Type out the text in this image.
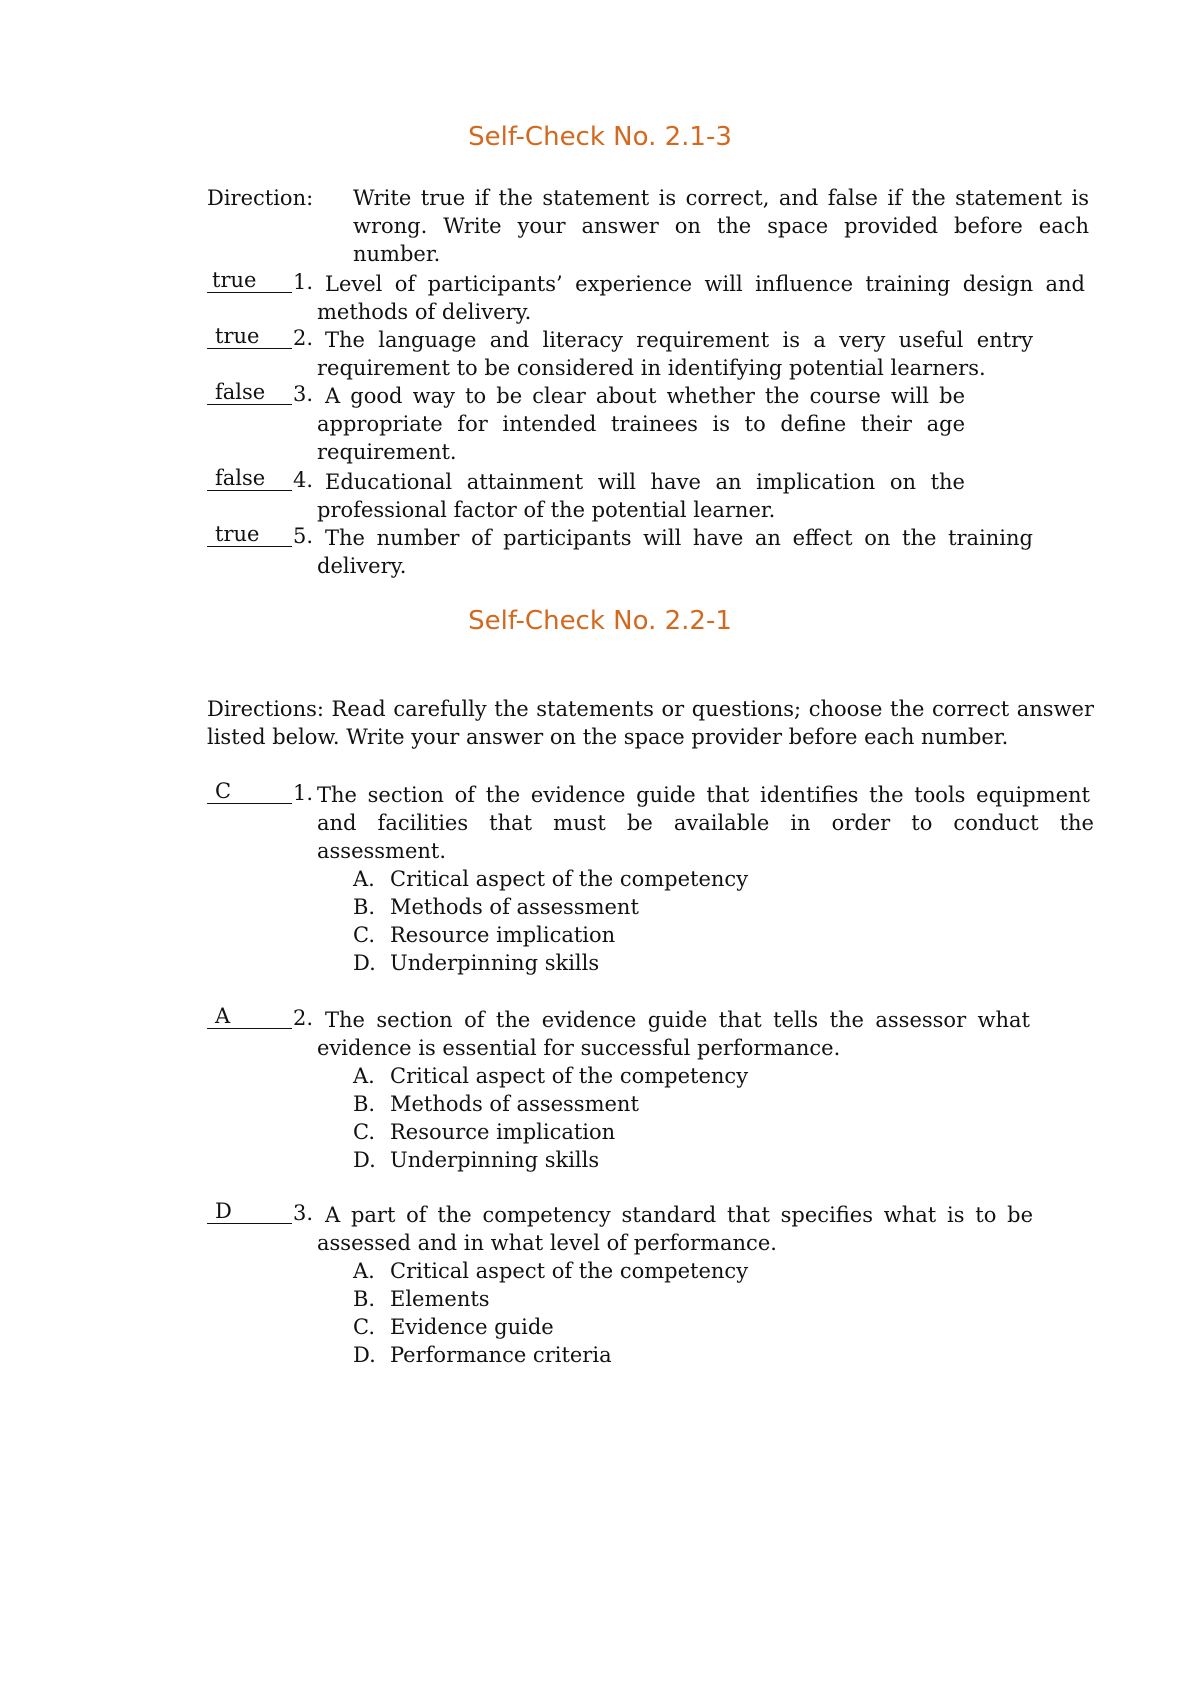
Self-Check No. 2.1-3
Direction: Write true if the statement is correct, and false if the statement is
wrong. Write your answer on the space provided before each
number.
true 1. Level of participants’ experience will influence training design and
methods of delivery.
true 2. The language and literacy requirement is a very useful entry
requirement to be considered in identifying potential learners.
false 3. A good way to be clear about whether the course will be
appropriate for intended trainees is to define their age
requirement.
false 4. Educational attainment will have an implication on the
professional factor of the potential learner.
true 5. The number of participants will have an effect on the training
delivery.
Self-Check No. 2.2-1
Directions: Read carefully the statements or questions; choose the correct answer
listed below. Write your answer on the space provider before each number.
C	1. The section of the evidence guide that identifies the tools equipment
and facilities that must be available in order to conduct the
assessment.
A. Critical aspect of the competency
B. Methods of assessment
C. Resource implication
D. Underpinning skills
A	2. The section of the evidence guide that tells the assessor what
evidence is essential for successful performance.
A. Critical aspect of the competency
B. Methods of assessment
C. Resource implication
D. Underpinning skills
D	3. A part of the competency standard that specifies what is to be
assessed and in what level of performance.
A. Critical aspect of the competency
B. Elements
C. Evidence guide
D. Performance criteria
